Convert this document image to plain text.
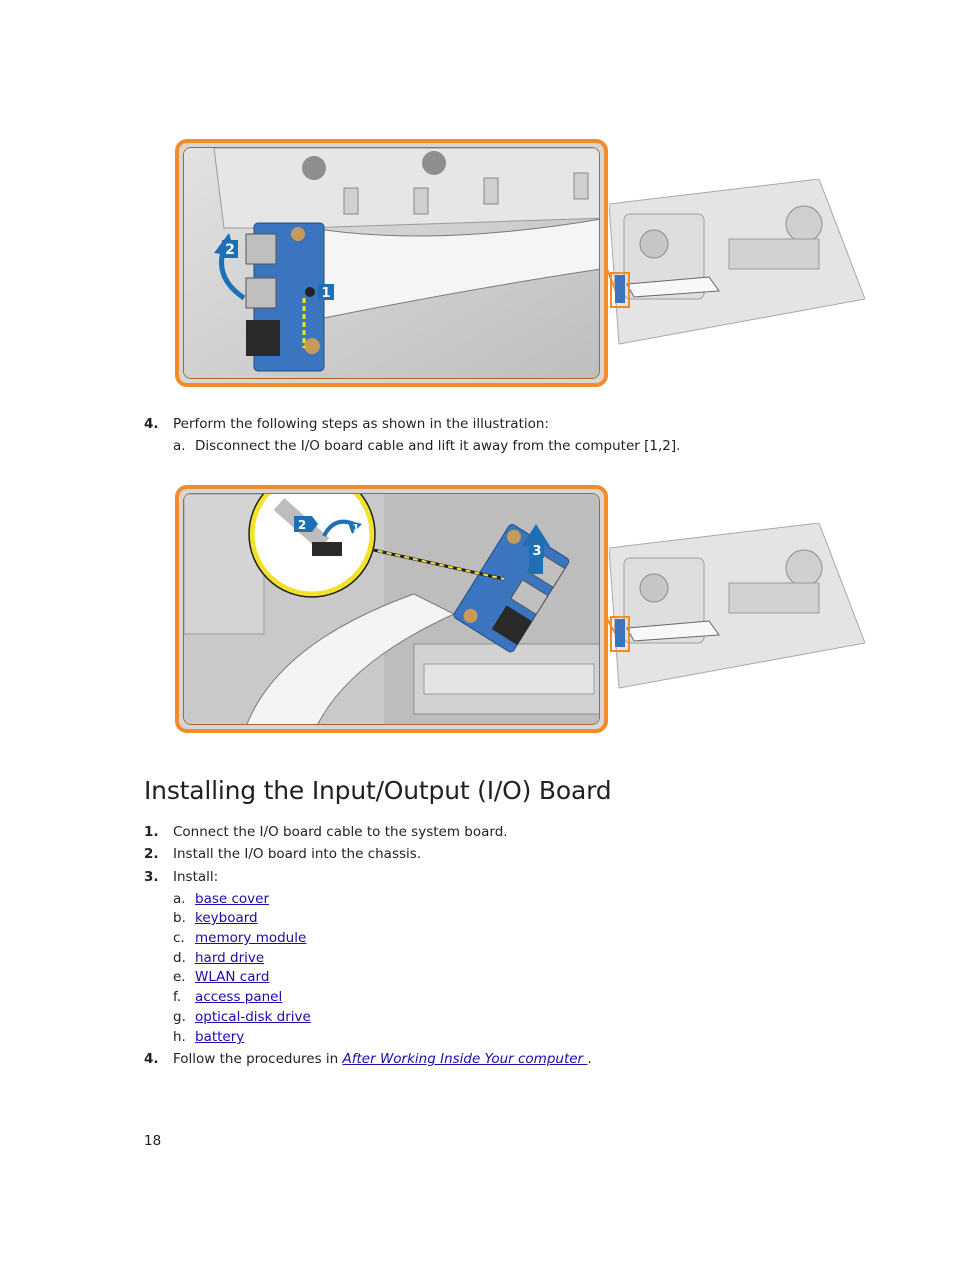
2
1
4. Perform the following steps as shown in the illustration:
a. Disconnect the I/O board cable and lift it away from the computer [1,2].
3
2	1
Installing the Input/Output (I/O) Board
1. Connect the I/O board cable to the system board.
2. Install the I/O board into the chassis.
3. Install:
a. base cover
b. keyboard
c. memory module
d. hard drive
e. WLAN card
f. access panel
g. optical-disk drive
h. battery
4. Follow the procedures in After Working Inside Your computer .
18
